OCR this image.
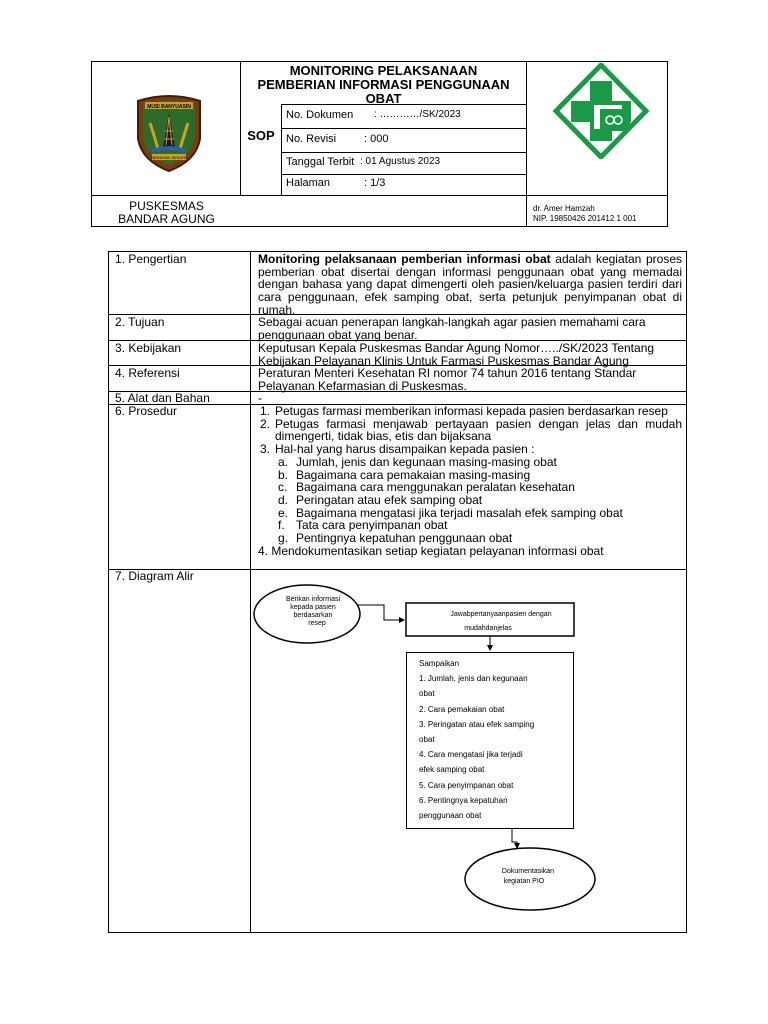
MUSI BANYUASIN
SERASAN SEKATE
MONITORING PELAKSANAAN
PEMBERIAN INFORMASI PENGGUNAAN
OBAT
SOP
No. Dokumen : …………/SK/2023
No. Revisi	: 000
Tanggal Terbit : 01 Agustus 2023
Halaman	: 1/3
PUSKESMAS
BANDAR AGUNG
dr. Amer Hamzah
NIP. 19850426 201412 1 001
1. Pengertian
2. Tujuan
3. Kebijakan
4. Referensi
5. Alat dan Bahan
6. Prosedur
7. Diagram Alir
Monitoring pelaksanaan pemberian informasi obat adalah kegiatan proses pemberian obat disertai dengan informasi penggunaan obat yang memadai dengan bahasa yang dapat dimengerti oleh pasien/keluarga pasien terdiri dari cara penggunaan, efek samping obat, serta petunjuk penyimpanan obat di rumah.
Sebagai acuan penerapan langkah-langkah agar pasien memahami cara penggunaan obat yang benar.
Keputusan Kepala Puskesmas Bandar Agung Nomor…../SK/2023 Tentang Kebijakan Pelayanan Klinis Untuk Farmasi Puskesmas Bandar Agung
Peraturan Menteri Kesehatan RI nomor 74 tahun 2016 tentang Standar Pelayanan Kefarmasian di Puskesmas.
-
1. Petugas farmasi memberikan informasi kepada pasien berdasarkan resep
2. Petugas farmasi menjawab pertayaan pasien dengan jelas dan mudah dimengerti, tidak bias, etis dan bijaksana
3. Hal-hal yang harus disampaikan kepada pasien :
a. Jumlah, jenis dan kegunaan masing-masing obat
b. Bagaimana cara pemakaian masing-masing
c. Bagaimana cara menggunakan peralatan kesehatan
d. Peringatan atau efek samping obat
e. Bagaimana mengatasi jika terjadi masalah efek samping obat
f. Tata cara penyimpanan obat
g. Pentingnya kepatuhan penggunaan obat
4. Mendokumentasikan setiap kegiatan pelayanan informasi obat
Berikan informasi
kepada pasien
berdasarkan
resep
Jawabpertanyaanpasien dengan
mudahdanjelas
Dokumentasikan
kegiatan PIO
Sampaikan
1. Jumlah, jenis dan kegunaan
obat
2. Cara pemakaian obat
3. Peringatan atau efek samping
obat
4. Cara mengatasi jika terjadi
efek samping obat
5. Cara penyimpanan obat
6. Pentingnya kepatuhan
penggunaan obat
